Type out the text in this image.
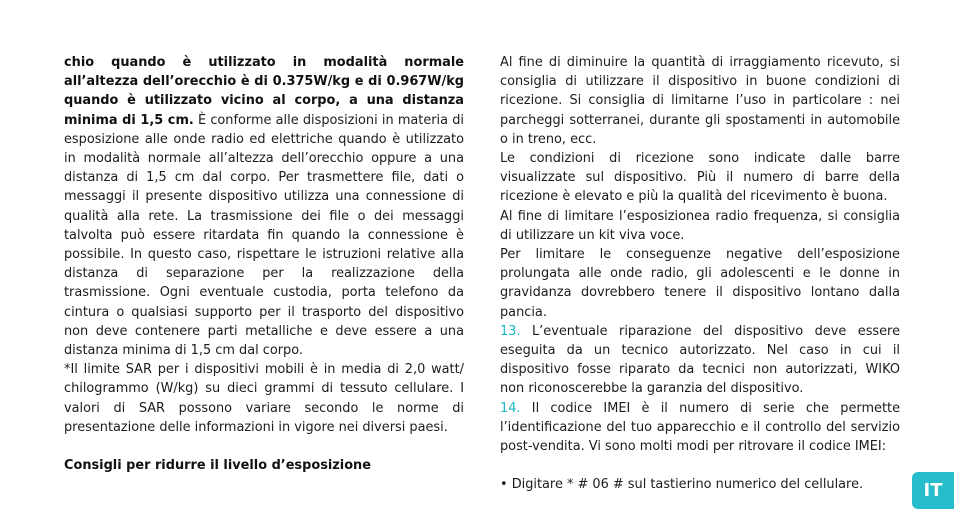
chio quando è utilizzato in modalità normale all’altezza dell’orecchio è di 0.375W/kg e di 0.967W/kg quando è utilizzato vicino al corpo, a una distanza minima di 1,5 cm. È conforme alle disposizioni in materia di esposizione alle onde radio ed elettriche quando è utilizzato in modalità normale all’altezza dell’orecchio oppure a una distanza di 1,5 cm dal corpo. Per trasmettere file, dati o messaggi il presente dispositivo utilizza una connessione di qualità alla rete. La trasmissione dei file o dei messaggi talvolta può essere ritardata fin quando la connessione è possibile. In questo caso, rispettare le istruzioni relative alla distanza di separazione per la realizzazione della trasmissione. Ogni eventuale custodia, porta telefono da cintura o qualsiasi supporto per il trasporto del dispositivo non deve contenere parti metalliche e deve essere a una distanza minima di 1,5 cm dal corpo.

*Il limite SAR per i dispositivi mobili è in media di 2,0 watt/ chilogrammo (W/kg) su dieci grammi di tessuto cellulare. I valori di SAR possono variare secondo le norme di presentazione delle informazioni in vigore nei diversi paesi.

Consigli per ridurre il livello d’esposizione

Al fine di diminuire la quantità di irraggiamento ricevuto, si consiglia di utilizzare il dispositivo in buone condizioni di ricezione. Si consiglia di limitarne l’uso in particolare : nei parcheggi sotterranei, durante gli spostamenti in automobile o in treno, ecc.

Le condizioni di ricezione sono indicate dalle barre visualizzate sul dispositivo. Più il numero di barre della ricezione è elevato e più la qualità del ricevimento è buona.

Al fine di limitare l’esposizionea radio frequenza, si consiglia di utilizzare un kit viva voce.

Per limitare le conseguenze negative dell’esposizione prolungata alle onde radio, gli adolescenti e le donne in gravidanza dovrebbero tenere il dispositivo lontano dalla pancia.

13. L’eventuale riparazione del dispositivo deve essere eseguita da un tecnico autorizzato. Nel caso in cui il dispositivo fosse riparato da tecnici non autorizzati, WIKO non riconoscerebbe la garanzia del dispositivo.

14. Il codice IMEI è il numero di serie che permette l’identificazione del tuo apparecchio e il controllo del servizio post-vendita. Vi sono molti modi per ritrovare il codice IMEI:

• Digitare * # 06 # sul tastierino numerico del cellulare.	IT
